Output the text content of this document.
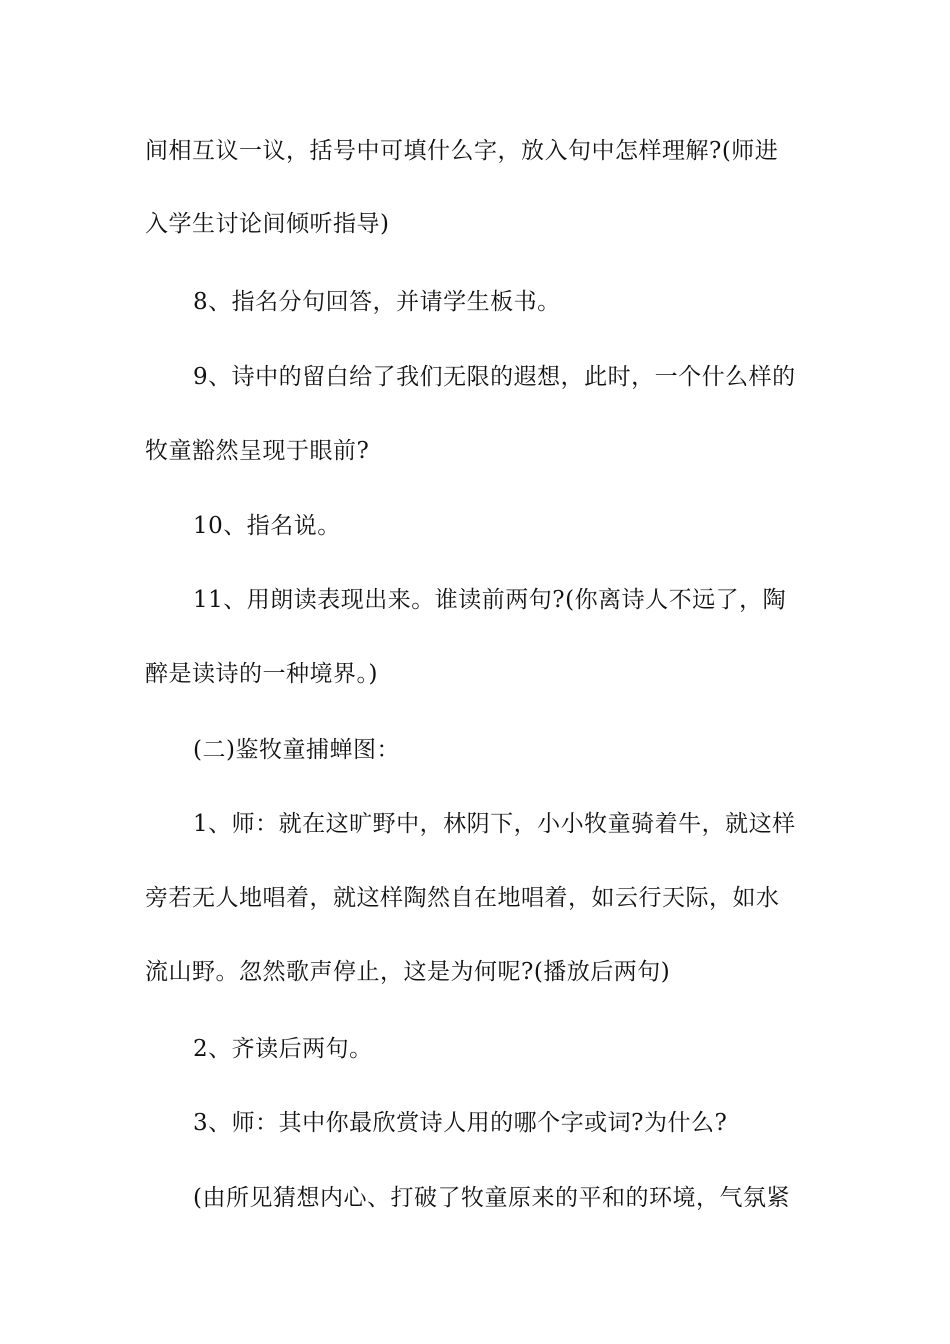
间相互议一议，括号中可填什么字，放入句中怎样理解?(师进
入学生讨论间倾听指导)
8、指名分句回答，并请学生板书。
9、诗中的留白给了我们无限的遐想，此时，一个什么样的
牧童豁然呈现于眼前?
10、指名说。
11、用朗读表现出来。谁读前两句?(你离诗人不远了，陶
醉是读诗的一种境界。)
(二)鉴牧童捕蝉图：
1、师：就在这旷野中，林阴下，小小牧童骑着牛，就这样
旁若无人地唱着，就这样陶然自在地唱着，如云行天际，如水
流山野。忽然歌声停止，这是为何呢?(播放后两句)
2、齐读后两句。
3、师：其中你最欣赏诗人用的哪个字或词?为什么?
(由所见猜想内心、打破了牧童原来的平和的环境，气氛紧
